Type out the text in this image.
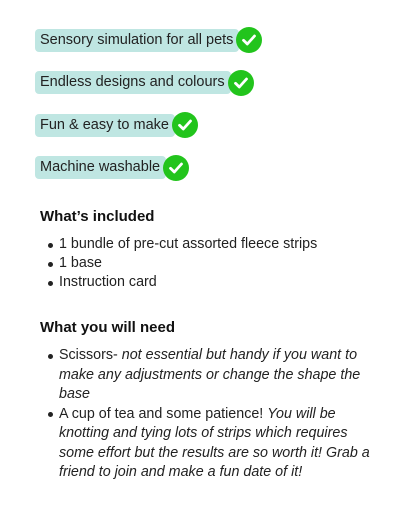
Sensory simulation for all pets
Endless designs and colours
Fun & easy to make
Machine washable
What’s included
1 bundle of pre-cut assorted fleece strips
1 base
Instruction card
What you will need
Scissors- not essential but handy if you want to make any adjustments or change the shape the base
A cup of tea and some patience! You will be knotting and tying lots of strips which requires some effort but the results are so worth it! Grab a friend to join and make a fun date of it!
